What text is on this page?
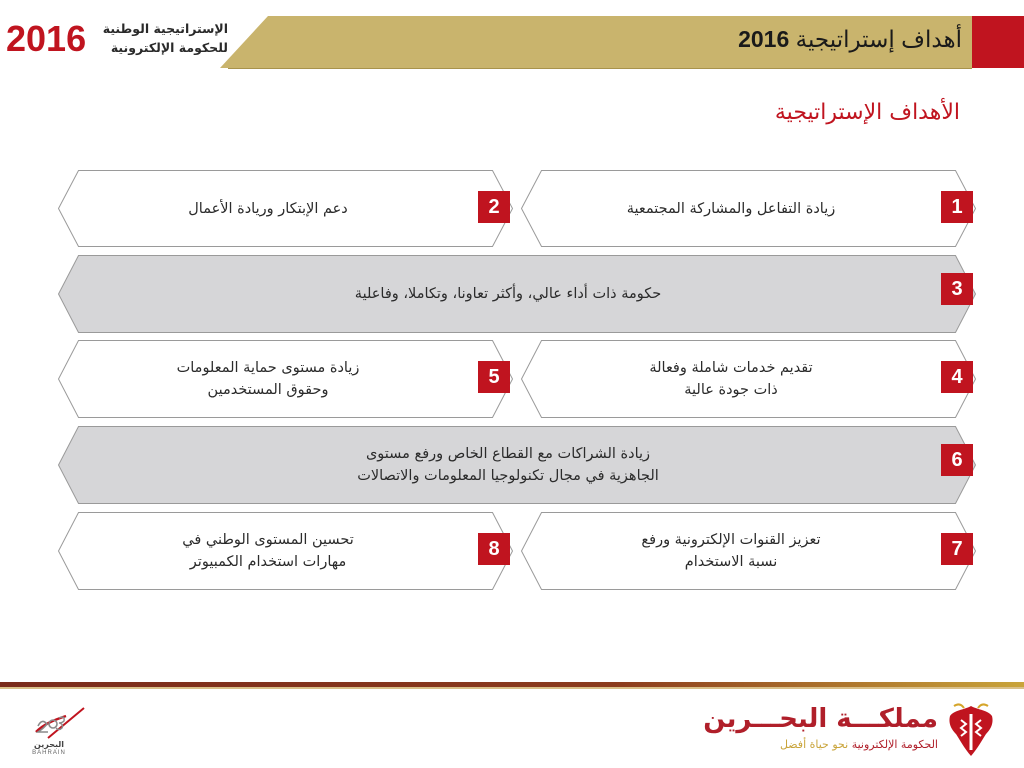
2016	الإستراتيجية الوطنية
للحكومة الإلكترونية	أهداف إستراتيجية 2016
الأهداف الإستراتيجية
زيادة التفاعل والمشاركة المجتمعية	1
دعم الإبتكار وريادة الأعمال	2
حكومة ذات أداء عالي، وأكثر تعاونا، وتكاملا، وفاعلية	3
تقديم خدمات شاملة وفعالة
ذات جودة عالية
4
زيادة مستوى حماية المعلومات
وحقوق المستخدمين
5
زيادة الشراكات مع القطاع الخاص ورفع مستوى
الجاهزية في مجال تكنولوجيا المعلومات والاتصالات
6
تعزيز القنوات الإلكترونية ورفع
نسبة الاستخدام
7
تحسين المستوى الوطني في
مهارات استخدام الكمبيوتر
8
البحرين
BAHRAIN
مملكـــة البحـــرين
الحكومة الإلكترونية نحو حياة أفضل
